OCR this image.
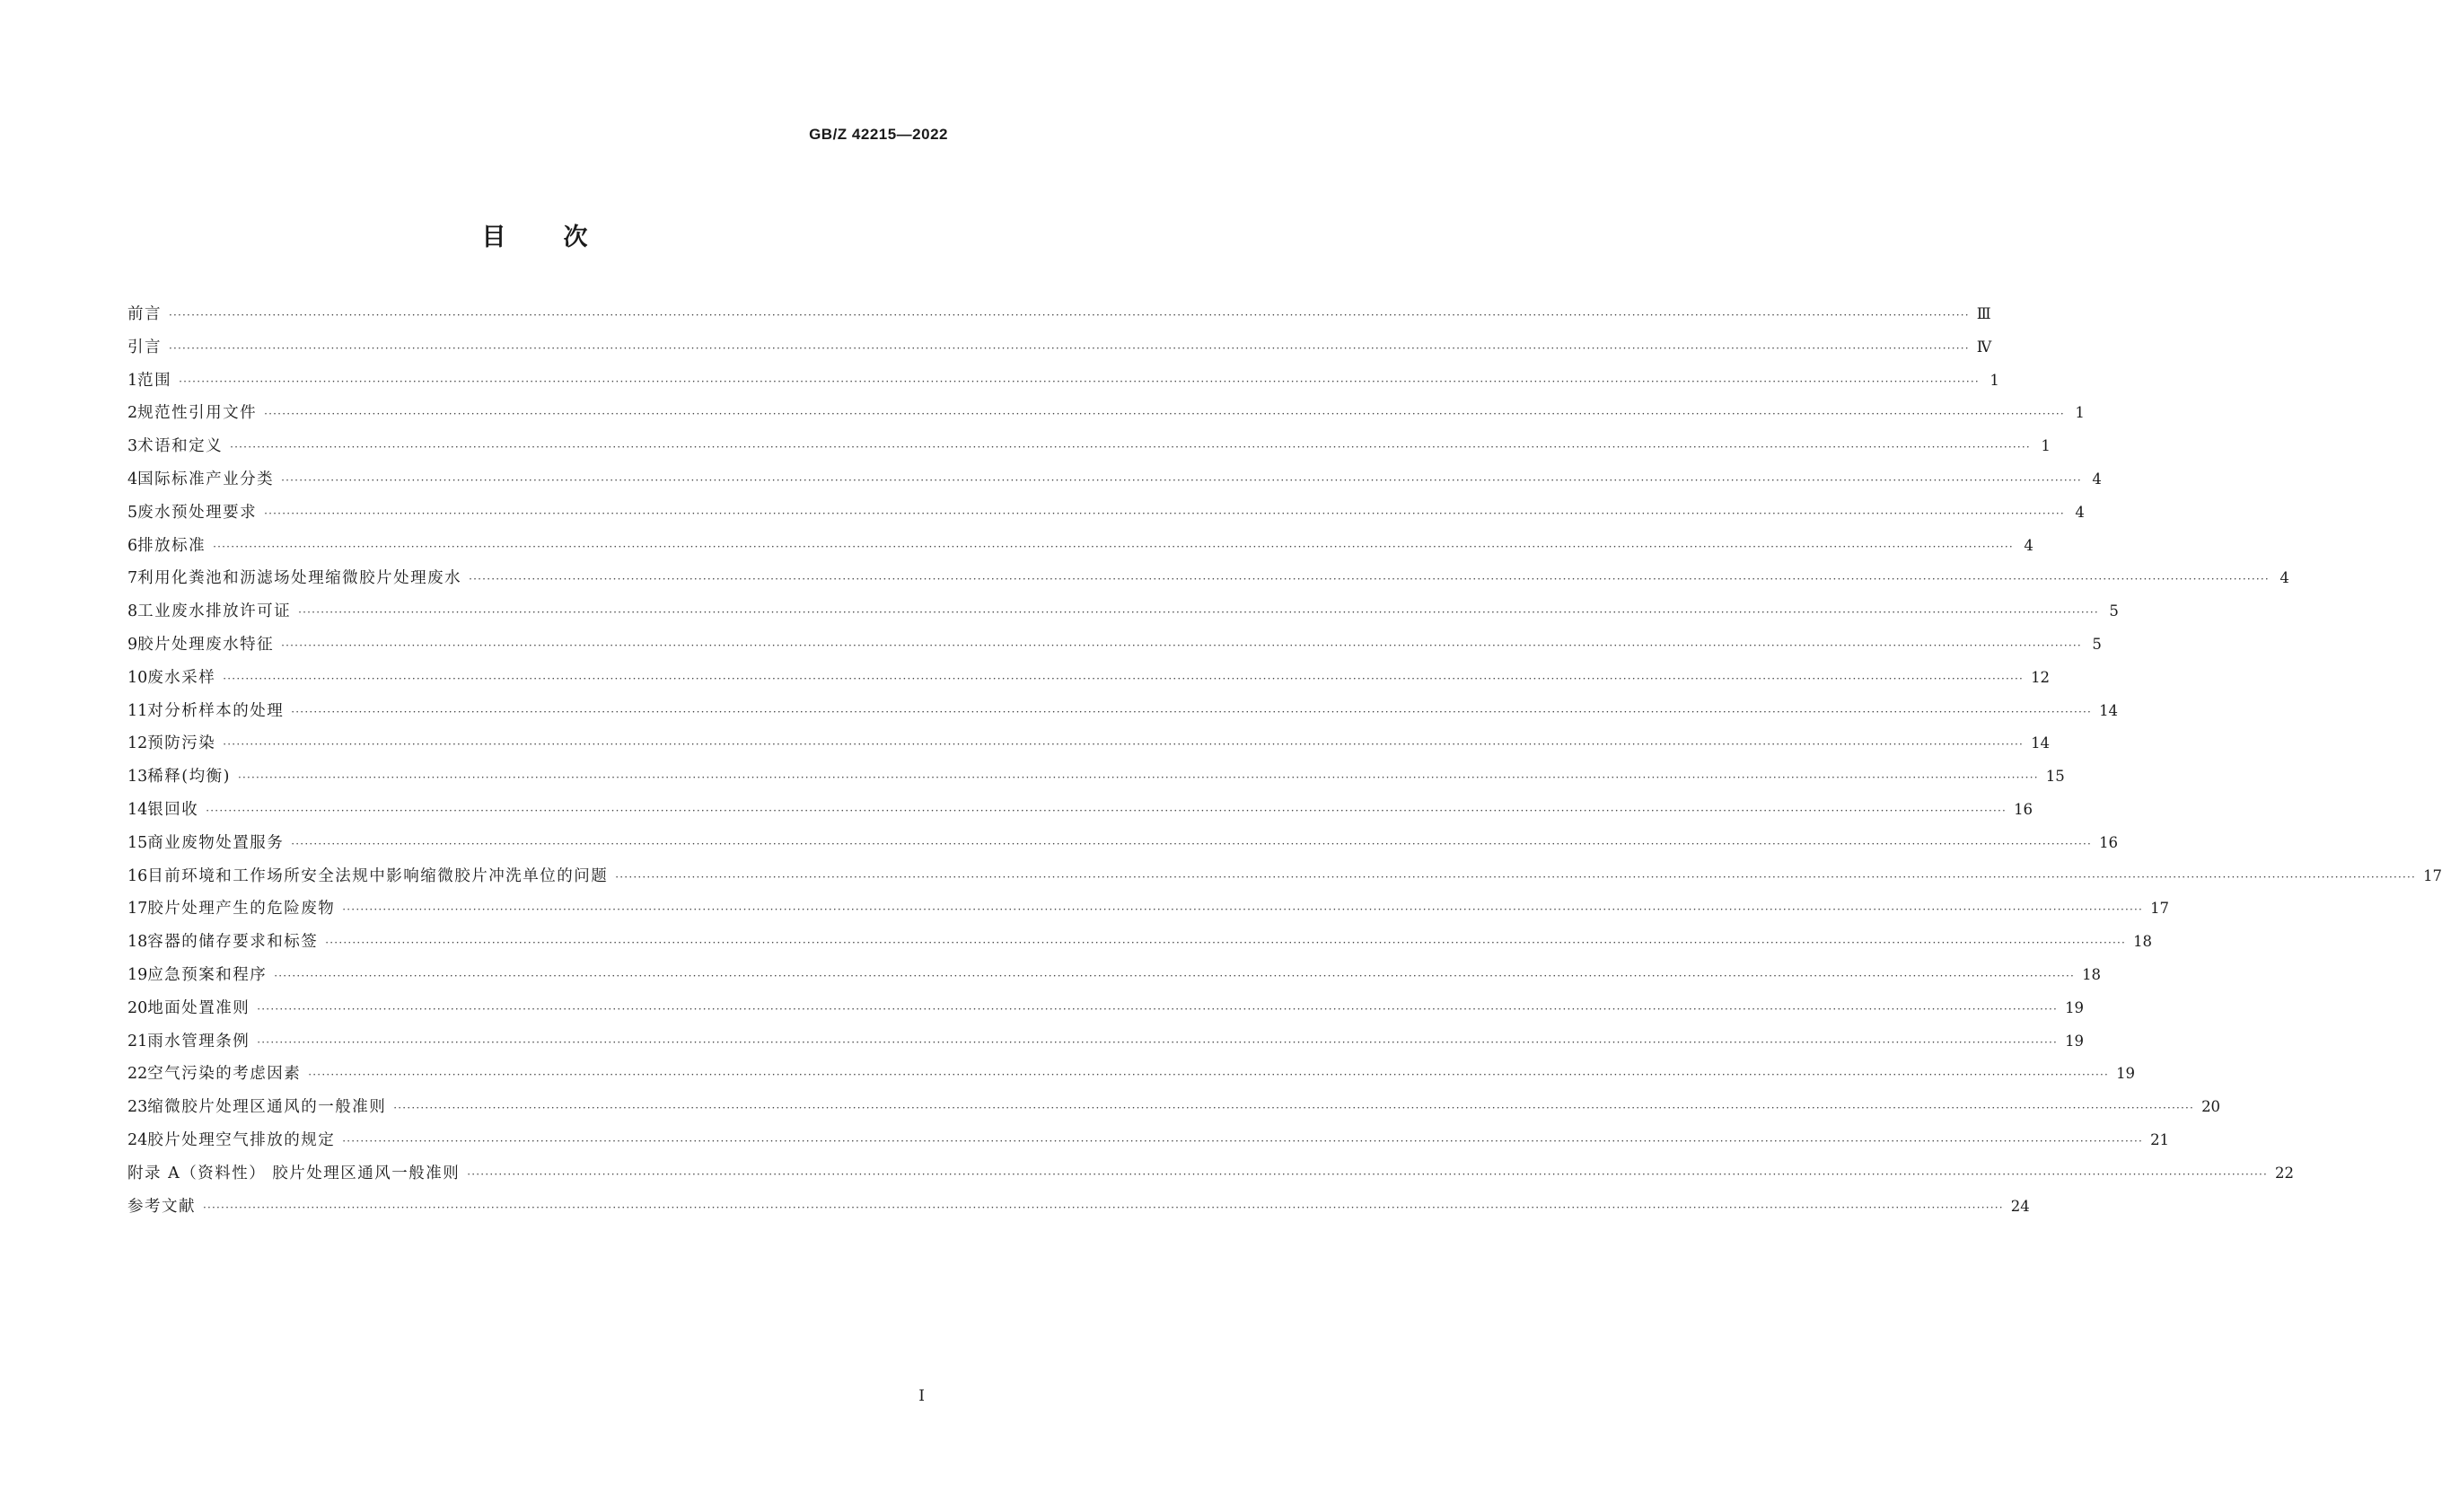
GB/Z 42215—2022
目次
前言 ················································································································································································································································································································································································································ Ⅲ
引言 ················································································································································································································································································································································································································ Ⅳ
1 范围 ················································································································································································································································································································································································································ 1
2 规范性引用文件 ················································································································································································································································································································································································································ 1
3 术语和定义 ················································································································································································································································································································································································································ 1
4 国际标准产业分类 ················································································································································································································································································································································································································ 4
5 废水预处理要求 ················································································································································································································································································································································································································ 4
6 排放标准 ················································································································································································································································································································································································································ 4
7 利用化粪池和沥滤场处理缩微胶片处理废水 ················································································································································································································································································································································································································ 4
8 工业废水排放许可证 ················································································································································································································································································································································································································ 5
9 胶片处理废水特征 ················································································································································································································································································································································································································ 5
10 废水采样 ················································································································································································································································································································································································································ 12
11 对分析样本的处理 ················································································································································································································································································································································································································ 14
12 预防污染 ················································································································································································································································································································································································································ 14
13 稀释(均衡) ················································································································································································································································································································································································································ 15
14 银回收 ················································································································································································································································································································································································································ 16
15 商业废物处置服务 ················································································································································································································································································································································································································ 16
16 目前环境和工作场所安全法规中影响缩微胶片冲洗单位的问题 ················································································································································································································································································································································································································ 17
17 胶片处理产生的危险废物 ················································································································································································································································································································································································································ 17
18 容器的储存要求和标签 ················································································································································································································································································································································································································ 18
19 应急预案和程序 ················································································································································································································································································································································································································ 18
20 地面处置准则 ················································································································································································································································································································································································································ 19
21 雨水管理条例 ················································································································································································································································································································································································································ 19
22 空气污染的考虑因素 ················································································································································································································································································································································································································ 19
23 缩微胶片处理区通风的一般准则 ················································································································································································································································································································································································································ 20
24 胶片处理空气排放的规定 ················································································································································································································································································································································································································ 21
附录 A（资料性） 胶片处理区通风一般准则 ················································································································································································································································································································································································································ 22
参考文献 ················································································································································································································································································································································································································ 24
I
